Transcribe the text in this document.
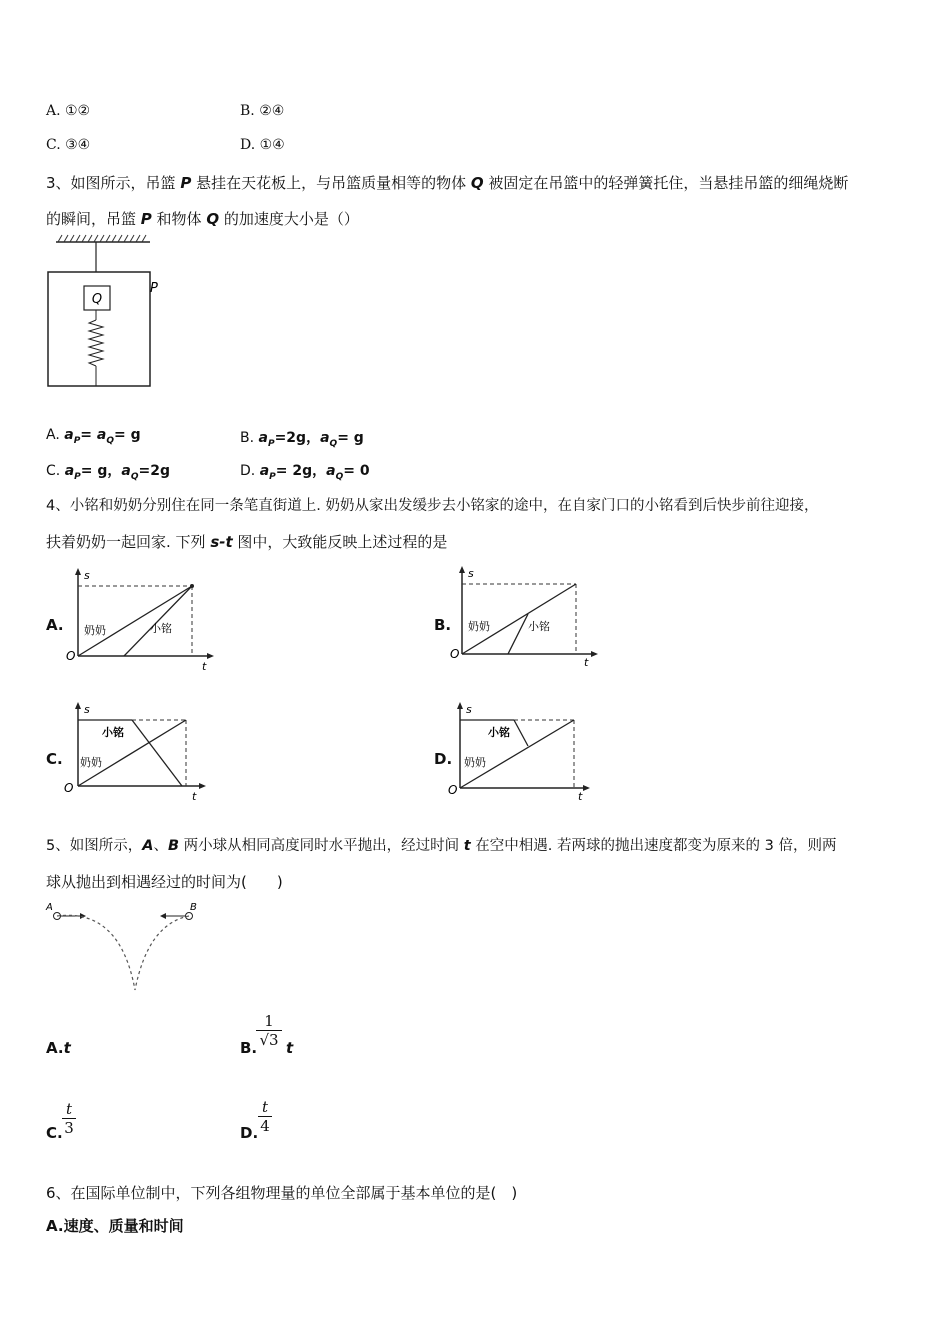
A. ①②	B. ②④
C. ③④	D. ①④
3、如图所示，吊篮 P 悬挂在天花板上，与吊篮质量相等的物体 Q 被固定在吊篮中的轻弹簧托住，当悬挂吊篮的细绳烧断
的瞬间，吊篮 P 和物体 Q 的加速度大小是（）
Q
P
A. $a_P= a_Q= g$	B. $a_P=2g$，$a_Q= g$
C. $a_P= g$，$a_Q=2g$	D. $a_P= 2g$，$a_Q= 0$
4、小铭和奶奶分别住在同一条笔直街道上. 奶奶从家出发缓步去小铭家的途中，在自家门口的小铭看到后快步前往迎接，
扶着奶奶一起回家. 下列 s-t 图中，大致能反映上述过程的是
A.
s
t
O
奶奶	小铭	B.
s
t
O
奶奶	小铭
C.
s
t
O
小铭
奶奶	D.
s
t
O
小铭
奶奶
5、如图所示，A、B 两小球从相同高度同时水平抛出，经过时间 t 在空中相遇. 若两球的抛出速度都变为原来的 3 倍，则两
球从抛出到相遇经过的时间为(　　)
A	B
A.t	B.
1
√3 t
C.
t
3	D.
t
4
6、在国际单位制中，下列各组物理量的单位全部属于基本单位的是(　)
A.速度、质量和时间
